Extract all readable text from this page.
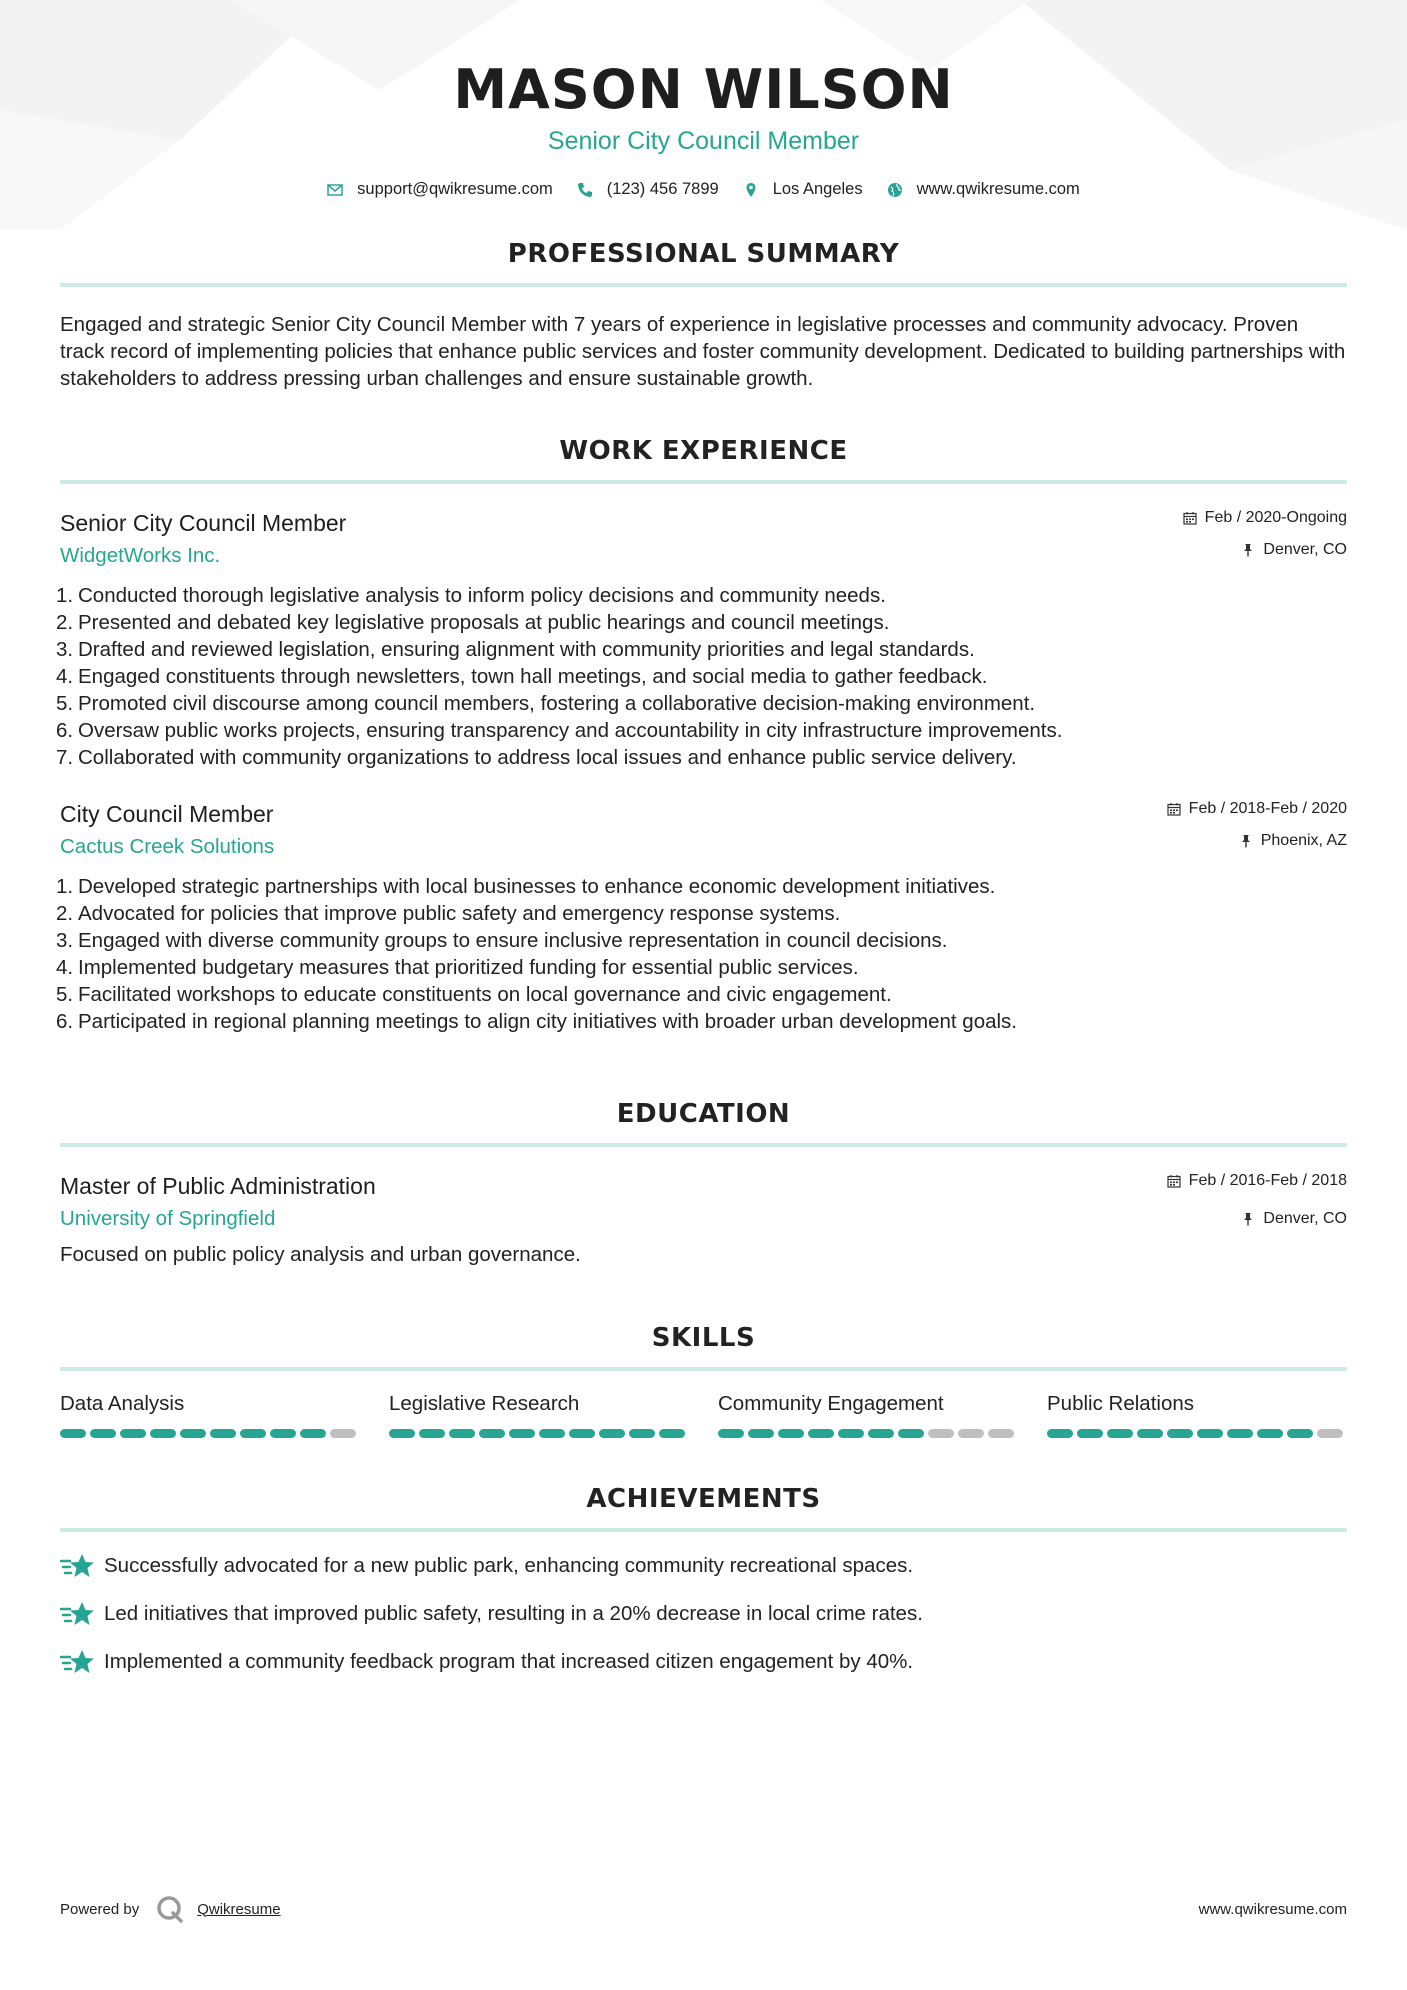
MASON WILSON
Senior City Council Member
support@qwikresume.com	(123) 456 7899	Los Angeles	www.qwikresume.com
PROFESSIONAL SUMMARY
Engaged and strategic Senior City Council Member with 7 years of experience in legislative processes and community advocacy. Proven track record of implementing policies that enhance public services and foster community development. Dedicated to building partnerships with stakeholders to address pressing urban challenges and ensure sustainable growth.
WORK EXPERIENCE
Senior City Council Member
WidgetWorks Inc.
Feb / 2020-Ongoing
Denver, CO
1. Conducted thorough legislative analysis to inform policy decisions and community needs.
2. Presented and debated key legislative proposals at public hearings and council meetings.
3. Drafted and reviewed legislation, ensuring alignment with community priorities and legal standards.
4. Engaged constituents through newsletters, town hall meetings, and social media to gather feedback.
5. Promoted civil discourse among council members, fostering a collaborative decision-making environment.
6. Oversaw public works projects, ensuring transparency and accountability in city infrastructure improvements.
7. Collaborated with community organizations to address local issues and enhance public service delivery.
City Council Member
Cactus Creek Solutions
Feb / 2018-Feb / 2020
Phoenix, AZ
1. Developed strategic partnerships with local businesses to enhance economic development initiatives.
2. Advocated for policies that improve public safety and emergency response systems.
3. Engaged with diverse community groups to ensure inclusive representation in council decisions.
4. Implemented budgetary measures that prioritized funding for essential public services.
5. Facilitated workshops to educate constituents on local governance and civic engagement.
6. Participated in regional planning meetings to align city initiatives with broader urban development goals.
EDUCATION
Master of Public Administration
University of Springfield
Feb / 2016-Feb / 2018
Denver, CO
Focused on public policy analysis and urban governance.
SKILLS
Data Analysis	Legislative Research	Community Engagement	Public Relations
ACHIEVEMENTS
Successfully advocated for a new public park, enhancing community recreational spaces.
Led initiatives that improved public safety, resulting in a 20% decrease in local crime rates.
Implemented a community feedback program that increased citizen engagement by 40%.
Powered by	Qwikresume	www.qwikresume.com
